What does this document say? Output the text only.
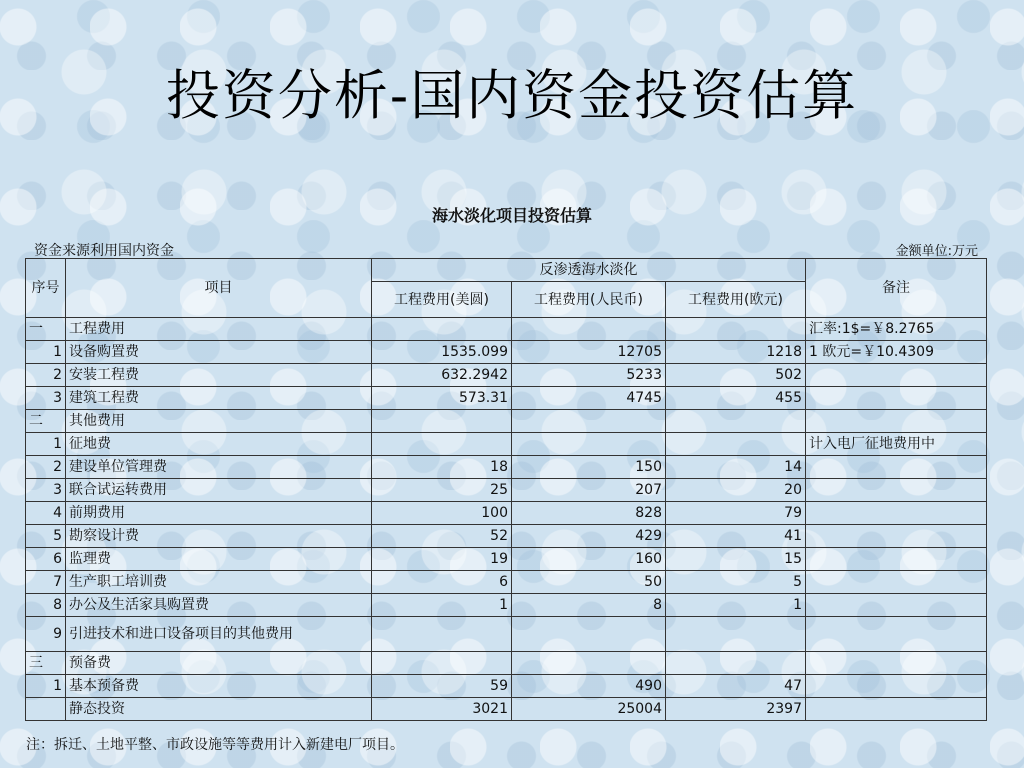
投资分析-国内资金投资估算
海水淡化项目投资估算
资金来源利用国内资金	金额单位:万元
序号	项目	反渗透海水淡化			备注
		工程费用(美圆)	工程费用(人民币)	工程费用(欧元)	
一	工程费用				汇率:1$=￥8.2765
1	设备购置费	1535.099	12705	1218	1 欧元=￥10.4309
2	安装工程费	632.2942	5233	502	
3	建筑工程费	573.31	4745	455	
二	其他费用				
1	征地费				计入电厂征地费用中
2	建设单位管理费	18	150	14	
3	联合试运转费用	25	207	20	
4	前期费用	100	828	79	
5	勘察设计费	52	429	41	
6	监理费	19	160	15	
7	生产职工培训费	6	50	5	
8	办公及生活家具购置费	1	8	1	
9	引进技术和进口设备项目的其他费用				
三	预备费				
1	基本预备费	59	490	47	
	静态投资	3021	25004	2397	
注：拆迁、土地平整、市政设施等等费用计入新建电厂项目。
